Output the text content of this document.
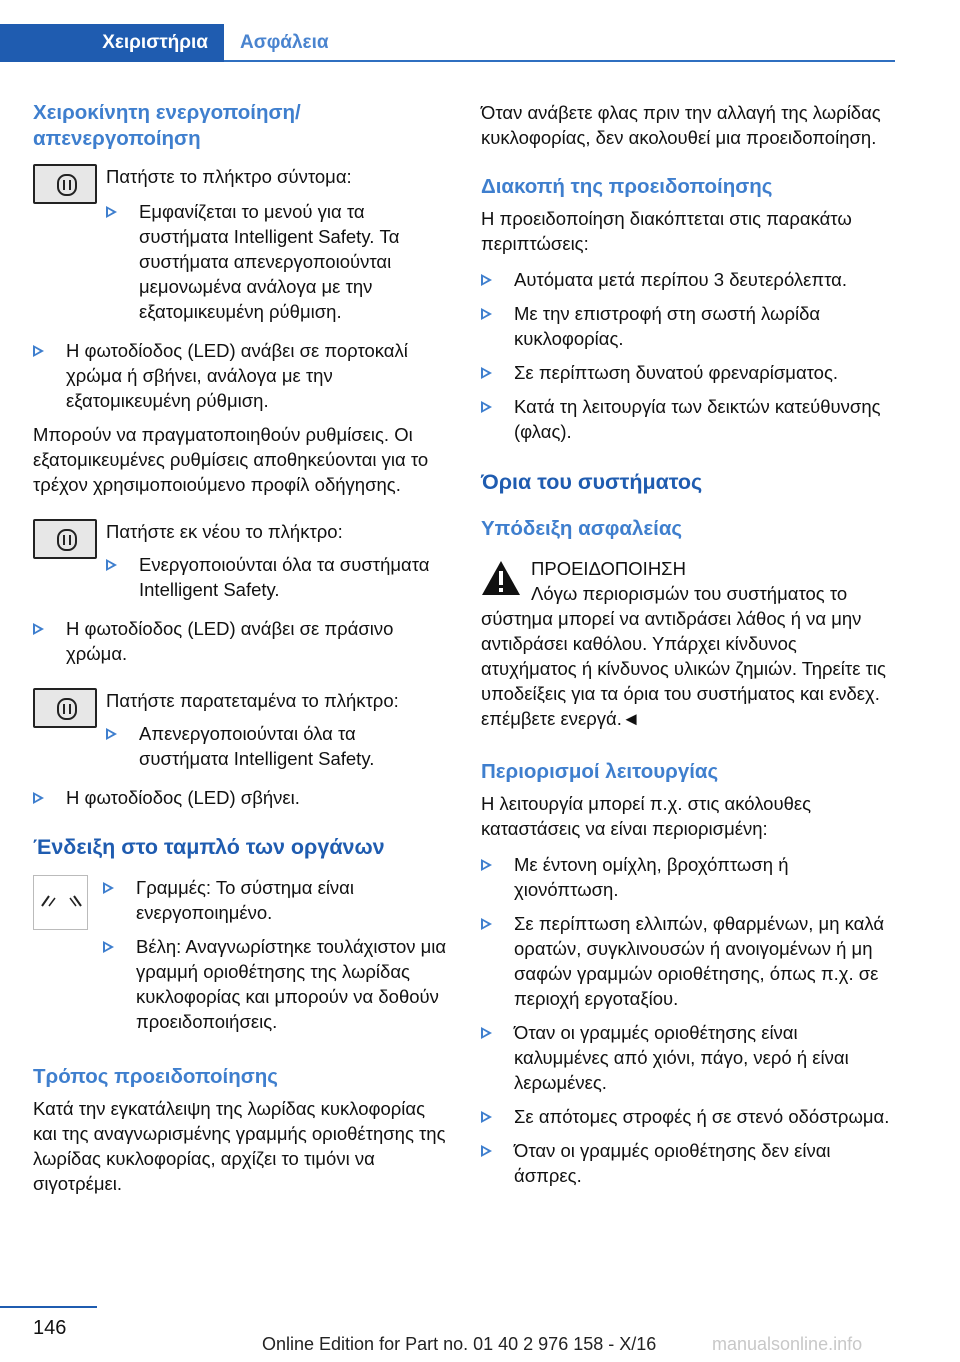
Χειριστήρια	Ασφάλεια
Χειροκίνητη ενεργοποίηση/απενεργοποίηση

Πατήστε το πλήκτρο σύντομα:

Εμφανίζεται το μενού για τα συστήματα Intelligent Safety. Τα συστήματα απενεργοποιούνται μεμονωμένα ανάλογα με την εξατομικευμένη ρύθμιση.
Η φωτοδίοδος (LED) ανάβει σε πορτοκαλί χρώμα ή σβήνει, ανάλογα με την εξατομικευμένη ρύθμιση.

Μπορούν να πραγματοποιηθούν ρυθμίσεις. Οι εξατομικευμένες ρυθμίσεις αποθηκεύονται για το τρέχον χρησιμοποιούμενο προφίλ οδήγησης.

Πατήστε εκ νέου το πλήκτρο:

Ενεργοποιούνται όλα τα συστήματα Intelligent Safety.
Η φωτοδίοδος (LED) ανάβει σε πράσινο χρώμα.

Πατήστε παρατεταμένα το πλήκτρο:

Απενεργοποιούνται όλα τα συστήματα Intelligent Safety.
Η φωτοδίοδος (LED) σβήνει.
Ένδειξη στο ταμπλό των οργάνων
Γραμμές: Το σύστημα είναι ενεργοποιημένο.
Βέλη: Αναγνωρίστηκε τουλάχιστον μια γραμμή οριοθέτησης της λωρίδας κυκλοφορίας και μπορούν να δοθούν προειδοποιήσεις.
Τρόπος προειδοποίησης

Κατά την εγκατάλειψη της λωρίδας κυκλοφορίας και της αναγνωρισμένης γραμμής οριοθέτησης της λωρίδας κυκλοφορίας, αρχίζει το τιμόνι να σιγοτρέμει.

Όταν ανάβετε φλας πριν την αλλαγή της λωρίδας κυκλοφορίας, δεν ακολουθεί μια προειδοποίηση.

Διακοπή της προειδοποίησης

Η προειδοποίηση διακόπτεται στις παρακάτω περιπτώσεις:

Αυτόματα μετά περίπου 3 δευτερόλεπτα.
Με την επιστροφή στη σωστή λωρίδα κυκλοφορίας.
Σε περίπτωση δυνατού φρεναρίσματος.
Κατά τη λειτουργία των δεικτών κατεύθυνσης (φλας).
Όρια του συστήματος
Υπόδειξη ασφαλείας

ΠΡΟΕΙΔΟΠΟΙΗΣΗ

Λόγω περιορισμών του συστήματος το σύστημα μπορεί να αντιδράσει λάθος ή να μην αντιδράσει καθόλου. Υπάρχει κίνδυνος ατυχήματος ή κίνδυνος υλικών ζημιών. Τηρείτε τις υποδείξεις για τα όρια του συστήματος και ενδεχ. επέμβετε ενεργά.◄

Περιορισμοί λειτουργίας

Η λειτουργία μπορεί π.χ. στις ακόλουθες καταστάσεις να είναι περιορισμένη:

Με έντονη ομίχλη, βροχόπτωση ή χιονόπτωση.
Σε περίπτωση ελλιπών, φθαρμένων, μη καλά ορατών, συγκλινουσών ή ανοιγομένων ή μη σαφών γραμμών οριοθέτησης, όπως π.χ. σε περιοχή εργοταξίου.
Όταν οι γραμμές οριοθέτησης είναι καλυμμένες από χιόνι, πάγο, νερό ή είναι λερωμένες.
Σε απότομες στροφές ή σε στενό οδόστρωμα.
Όταν οι γραμμές οριοθέτησης δεν είναι άσπρες.
146
Online Edition for Part no. 01 40 2 976 158 - X/16	manualsonline.info
